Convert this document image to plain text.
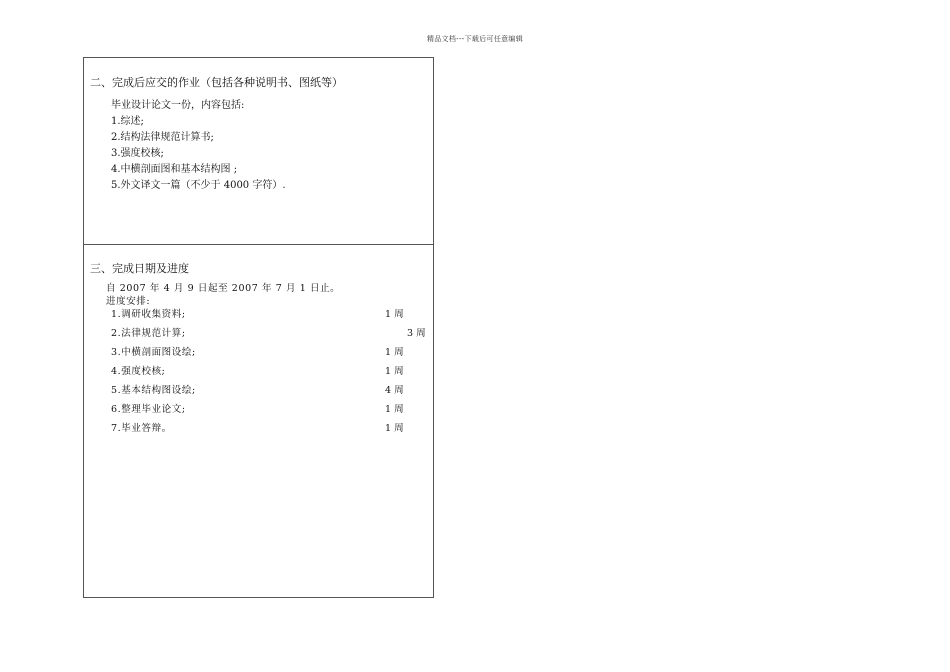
精品文档---下载后可任意编辑
二、完成后应交的作业（包括各种说明书、图纸等）
毕业设计论文一份，内容包括:
1.综述;
2.结构法律规范计算书;
3.强度校核;
4.中横剖面图和基本结构图 ;
5.外文译文一篇（不少于 4000 字符）.
三、完成日期及进度
自 2007 年 4 月 9 日起至 2007 年 7 月 1 日止。
进度安排:
1.调研收集资料;	1 周
2.法律规范计算;	3 周
3.中横剖面图设绘;	1 周
4.强度校核;	1 周
5.基本结构图设绘;	4 周
6.整理毕业论文;	1 周
7.毕业答辩。	1 周
